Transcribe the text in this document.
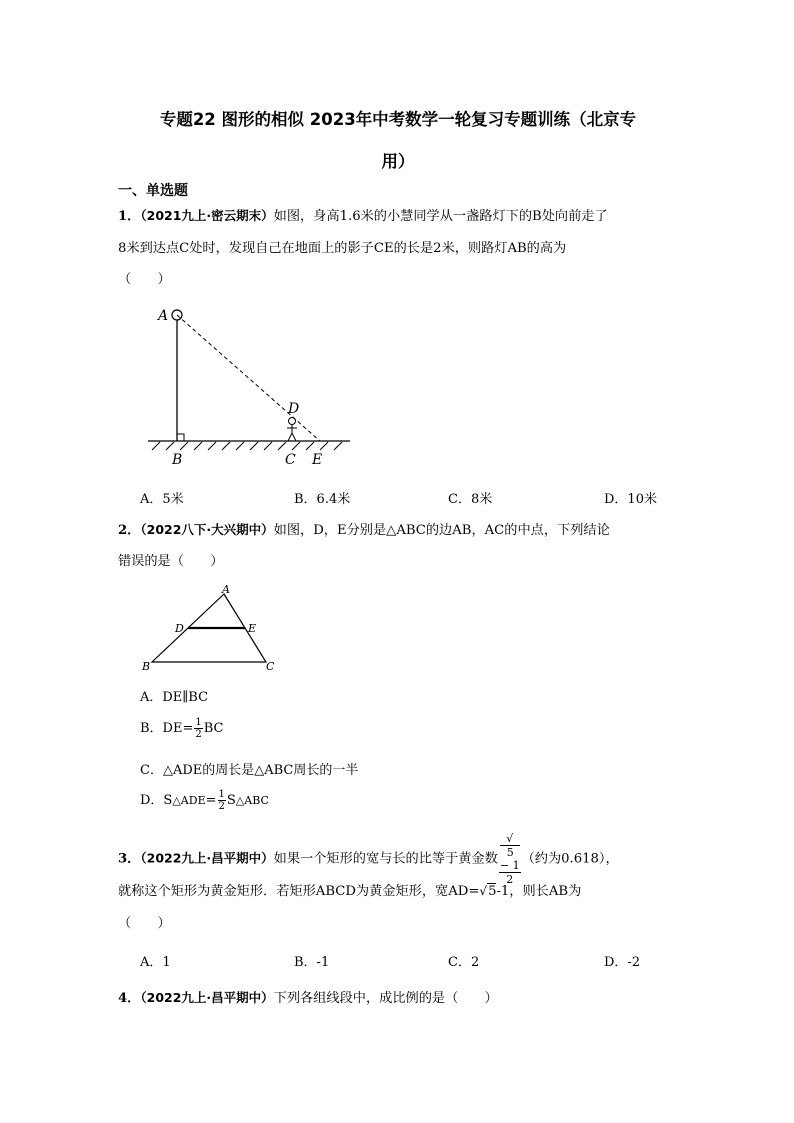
专题22 图形的相似 2023年中考数学一轮复习专题训练（北京专
用）
一、单选题
1．（2021九上·密云期末）如图，身高1.6米的小慧同学从一盏路灯下的B处向前走了
8米到达点C处时，发现自己在地面上的影子CE的长是2米，则路灯AB的高为
（　　）
A
B
D
C E
A．5米	B．6.4米	C．8米	D．10米
2．（2022八下·大兴期中）如图，D，E分别是△ABC的边AB，AC的中点，下列结论
错误的是（　　）
A
D	E
B	C
A．DE∥BC
B．$DE= \frac{1}{2}$ BC
C．△ADE的周长是△ABC周长的一半
D．S△ADE= $\frac{1}{2}$ S△ABC
3．（2022九上·昌平期中）如果一个矩形的宽与长的比等于黄金数 √
5
− 1
2 （约为0.618），
就称这个矩形为黄金矩形．若矩形ABCD为黄金矩形，宽AD=√5-1，则长AB为
（　　）
A．1	B．-1	C．2	D．-2
4．（2022九上·昌平期中）下列各组线段中，成比例的是（　　）
